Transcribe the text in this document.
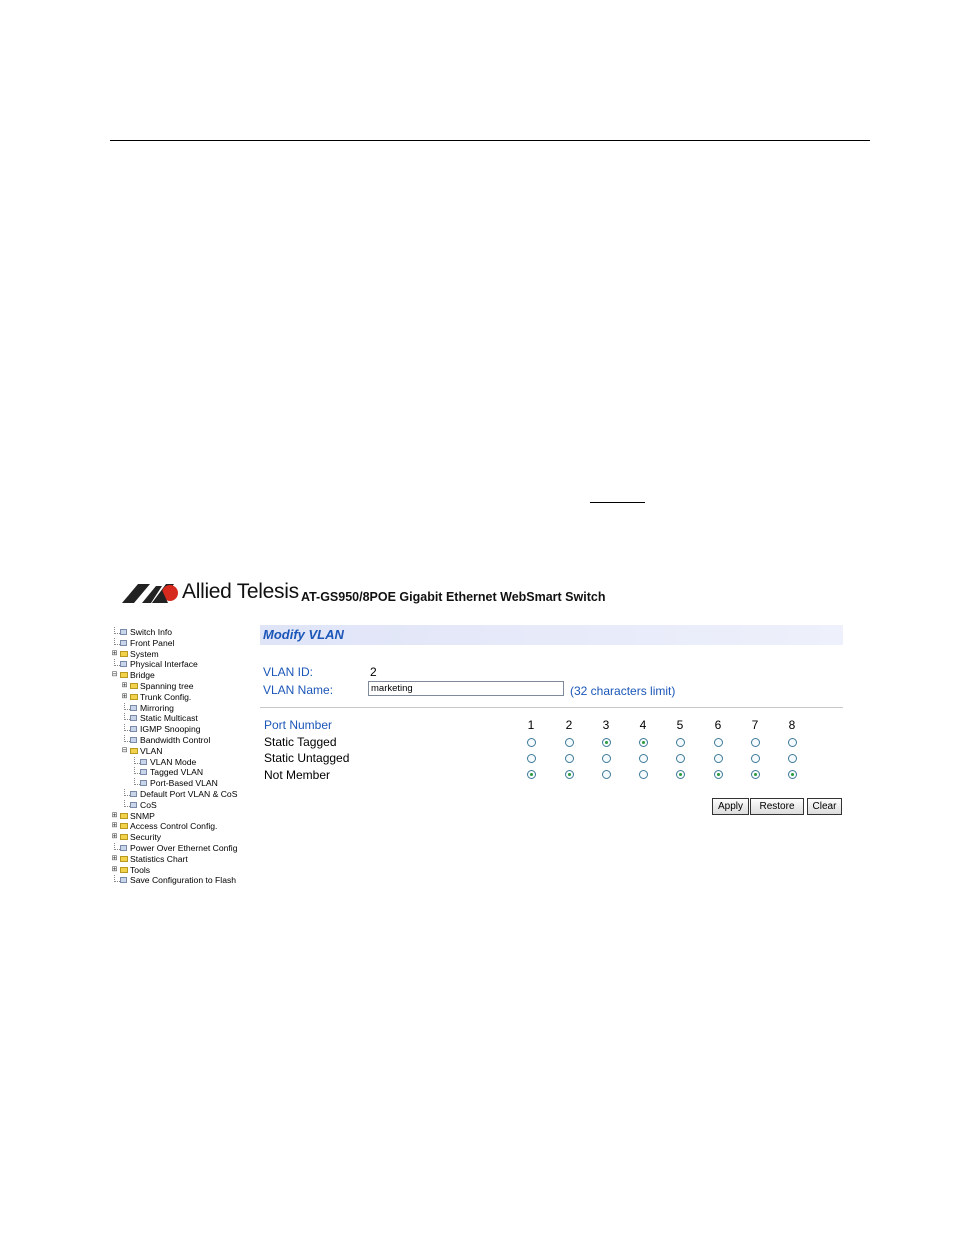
Allied Telesis AT-GS950/8POE Gigabit Ethernet WebSmart Switch
Switch Info
Front Panel
⊞ System
Physical Interface
⊟ Bridge
⊞ Spanning tree
⊞ Trunk Config.
Mirroring
Static Multicast
IGMP Snooping
Bandwidth Control
⊟ VLAN
VLAN Mode
Tagged VLAN
Port-Based VLAN
Default Port VLAN & CoS
CoS
⊞ SNMP
⊞ Access Control Config.
⊞ Security
Power Over Ethernet Config
⊞ Statistics Chart
⊞ Tools
Save Configuration to Flash
Modify VLAN
VLAN ID:	2
VLAN Name:
marketing	(32 characters limit)
Port Number	1	2	3	4	5	6	7	8
Static Tagged
Static Untagged
Not Member
Apply	Restore	Clear
